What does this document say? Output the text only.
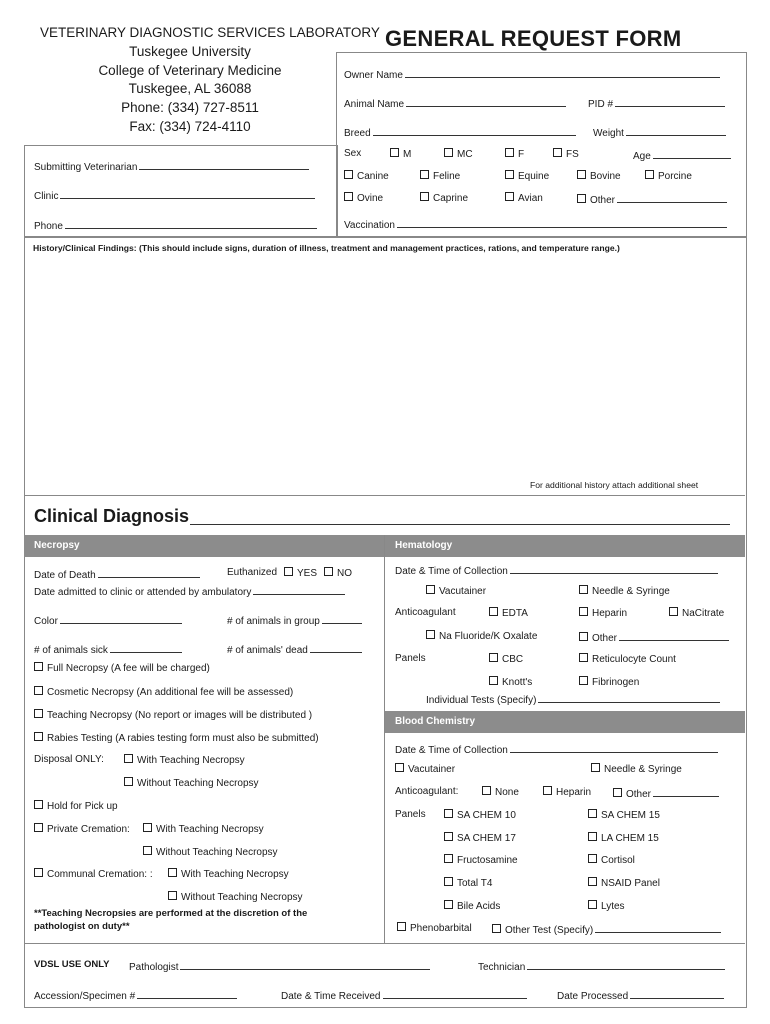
VETERINARY DIAGNOSTIC SERVICES LABORATORY
Tuskegee University
College of Veterinary Medicine
Tuskegee, AL 36088
Phone: (334) 727-8511
Fax: (334) 724-4110
GENERAL REQUEST FORM
Submitting Veterinarian
Clinic
Phone
Owner Name
Animal Name	PID #
Breed	Weight
Sex	M	MC	F	FS	Age
Canine	Feline	Equine	Bovine	Porcine
Ovine	Caprine	Avian	Other
Vaccination
History/Clinical Findings: (This should include signs, duration of illness, treatment and management practices, rations, and temperature range.)
For additional history attach additional sheet
Clinical Diagnosis
Necropsy	Hematology
Blood Chemistry
Date of Death	Euthanized	YES	NO
Date admitted to clinic or attended by ambulatory
Color	# of animals in group
# of animals sick	# of animals' dead
Full Necropsy (A fee will be charged)
Cosmetic Necropsy (An additional fee will be assessed)
Teaching Necropsy (No report or images will be distributed )
Rabies Testing (A rabies testing form must also be submitted)
Disposal ONLY:	With Teaching Necropsy
Without Teaching Necropsy
Hold for Pick up
Private Cremation:	With Teaching Necropsy
Without Teaching Necropsy
Communal Cremation: :	With Teaching Necropsy
Without Teaching Necropsy
**Teaching Necropsies are performed at the discretion of the pathologist on duty**
Date & Time of Collection
Vacutainer	Needle & Syringe
Anticoagulant	EDTA	Heparin	NaCitrate
Na Fluoride/K Oxalate	Other
Panels	CBC	Reticulocyte Count
Knott's	Fibrinogen
Individual Tests (Specify)
Date & Time of Collection
Vacutainer	Needle & Syringe
Anticoagulant:	None	Heparin	Other
Panels	SA CHEM 10	SA CHEM 15
SA CHEM 17	LA CHEM 15
Fructosamine	Cortisol
Total T4	NSAID Panel
Bile Acids	Lytes
Phenobarbital	Other Test (Specify)
VDSL USE ONLY Pathologist	Technician
Accession/Specimen #	Date & Time Received	Date Processed
